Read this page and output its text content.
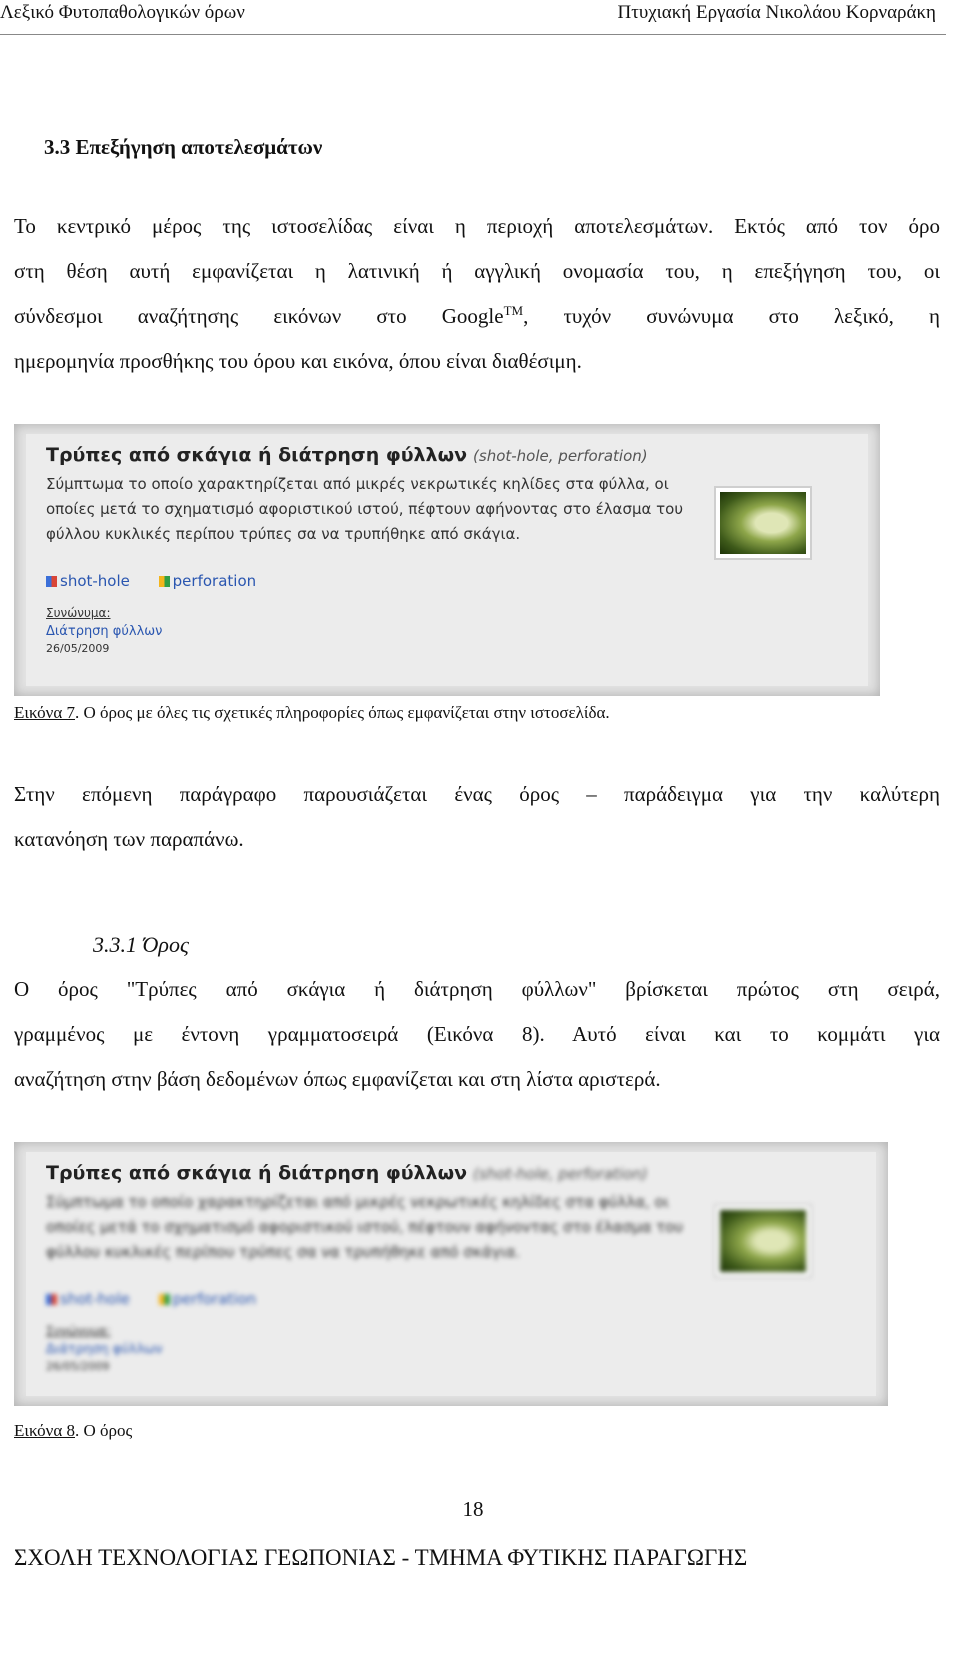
Λεξικό Φυτοπαθολογικών όρων	Πτυχιακή Εργασία Νικολάου Κορναράκη
3.3 Επεξήγηση αποτελεσμάτων

Το κεντρικό μέρος της ιστοσελίδας είναι η περιοχή αποτελεσμάτων. Εκτός από τον όρο
στη θέση αυτή εμφανίζεται η λατινική ή αγγλική ονομασία του, η επεξήγηση του, οι
σύνδεσμοι αναζήτησης εικόνων στο Google™, τυχόν συνώνυμα στο λεξικό, η
ημερομηνία προσθήκης του όρου και εικόνα, όπου είναι διαθέσιμη.

Τρύπες από σκάγια ή διάτρηση φύλλων (shot-hole, perforation)
Σύμπτωμα το οποίο χαρακτηρίζεται από μικρές νεκρωτικές κηλίδες στα φύλλα, οι οποίες μετά το σχηματισμό αφοριστικού ιστού, πέφτουν αφήνοντας στο έλασμα του φύλλου κυκλικές περίπου τρύπες σα να τρυπήθηκε από σκάγια.
shot-hole	perforation
Συνώνυμα:
Διάτρηση φύλλων
26/05/2009
Εικόνα 7. Ο όρος με όλες τις σχετικές πληροφορίες όπως εμφανίζεται στην ιστοσελίδα.

Στην επόμενη παράγραφο παρουσιάζεται ένας όρος – παράδειγμα για την καλύτερη
κατανόηση των παραπάνω.

3.3.1 Όρος

Ο όρος "Τρύπες από σκάγια ή διάτρηση φύλλων" βρίσκεται πρώτος στη σειρά,
γραμμένος με έντονη γραμματοσειρά (Εικόνα 8). Αυτό είναι και το κομμάτι για
αναζήτηση στην βάση δεδομένων όπως εμφανίζεται και στη λίστα αριστερά.

Τρύπες από σκάγια ή διάτρηση φύλλων (shot-hole, perforation)
Σύμπτωμα το οποίο χαρακτηρίζεται από μικρές νεκρωτικές κηλίδες στα φύλλα, οι οποίες μετά το σχηματισμό αφοριστικού ιστού, πέφτουν αφήνοντας στο έλασμα του φύλλου κυκλικές περίπου τρύπες σα να τρυπήθηκε από σκάγια.
shot-hole	perforation
Συνώνυμα:
Διάτρηση φύλλων
26/05/2009
Εικόνα 8. Ο όρος
18
ΣΧΟΛΗ ΤΕΧΝΟΛΟΓΙΑΣ ΓΕΩΠΟΝΙΑΣ - ΤΜΗΜΑ ΦΥΤΙΚΗΣ ΠΑΡΑΓΩΓΗΣ
